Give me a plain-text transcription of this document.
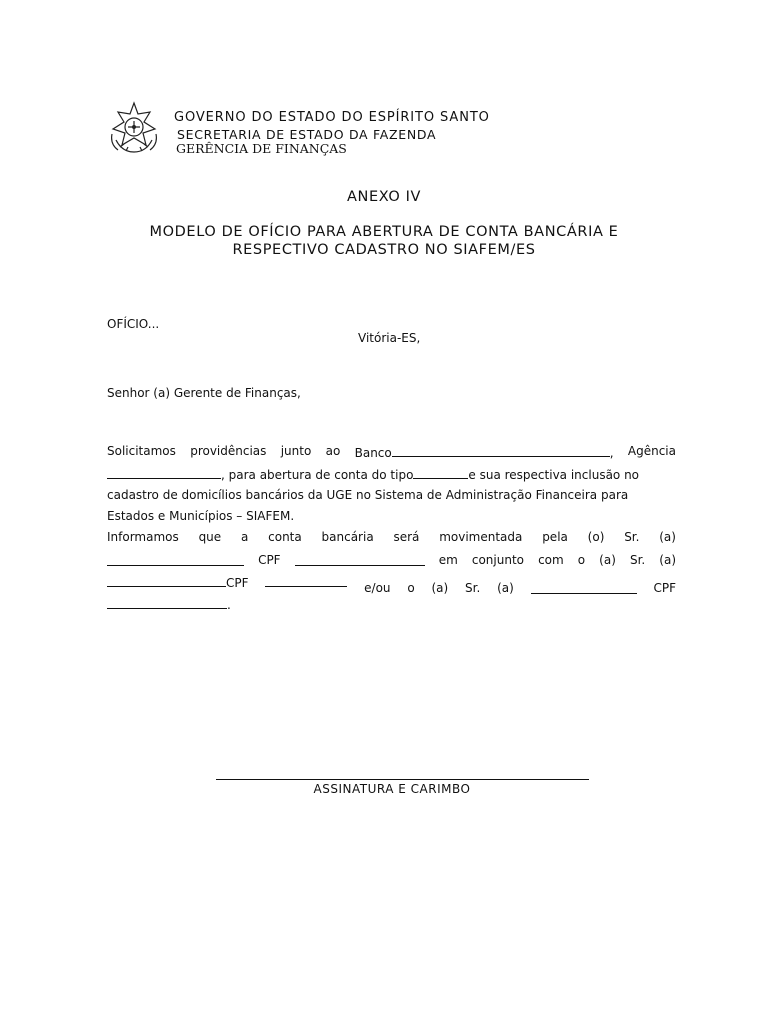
GOVERNO DO ESTADO DO ESPÍRITO SANTO
SECRETARIA DE ESTADO DA FAZENDA
GERÊNCIA DE FINANÇAS
ANEXO IV
MODELO DE OFÍCIO PARA ABERTURA DE CONTA BANCÁRIA E
RESPECTIVO CADASTRO NO SIAFEM/ES
OFÍCIO...
Vitória-ES,
Senhor (a) Gerente de Finanças,
Solicitamos providências junto ao Banco	, Agência
, para abertura de conta do tipo	e sua respectiva inclusão no
cadastro de domicílios bancários da UGE no Sistema de Administração Financeira para
Estados e Municípios – SIAFEM.
Informamos que a conta bancária será movimentada pela (o) Sr. (a)
CPF	em conjunto com o (a) Sr. (a)
CPF	e/ou o (a) Sr. (a)	CPF
.
ASSINATURA E CARIMBO
